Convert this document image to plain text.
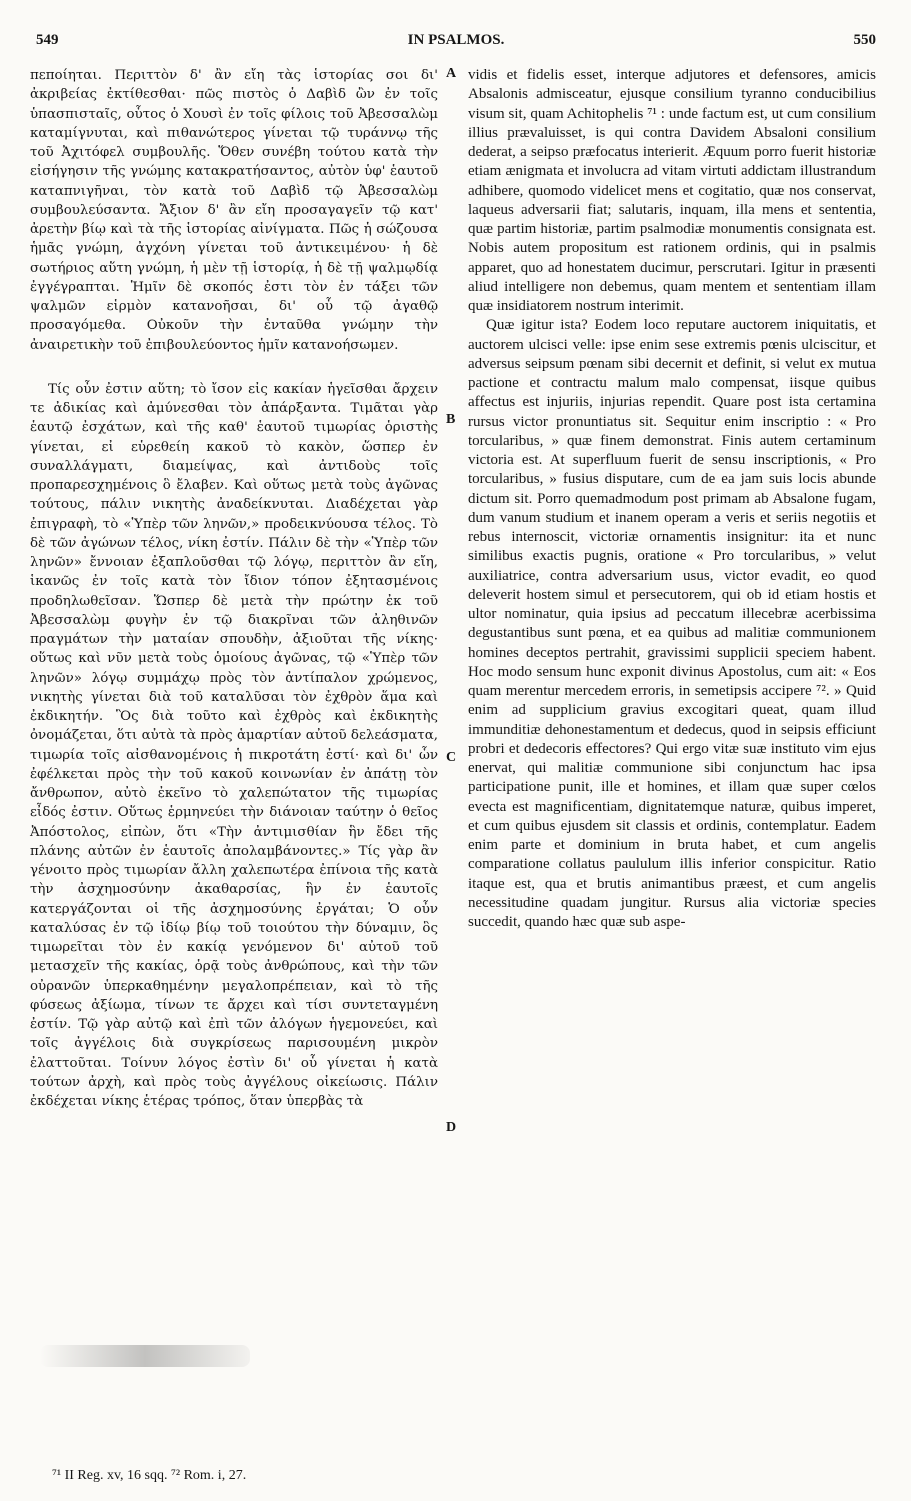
549	IN PSALMOS.	550

πεποίηται. Περιττὸν δ' ἂν εἴη τὰς ἱστορίας σοι δι' ἀκριβείας ἐκτίθεσθαι· πῶς πιστὸς ὁ Δαβὶδ ὢν ἐν τοῖς ὑπασπισταῖς, οὗτος ὁ Χουσὶ ἐν τοῖς φίλοις τοῦ Ἀβεσσαλὼμ καταμίγνυται, καὶ πιθανώτερος γίνεται τῷ τυράννῳ τῆς τοῦ Ἀχιτόφελ συμβουλῆς. Ὅθεν συνέβη τούτου κατὰ τὴν εἰσήγησιν τῆς γνώμης κατακρατήσαντος, αὐτὸν ὑφ' ἑαυτοῦ καταπνιγῆναι, τὸν κατὰ τοῦ Δαβὶδ τῷ Ἀβεσσαλὼμ συμβουλεύσαντα. Ἄξιον δ' ἂν εἴη προσαγαγεῖν τῷ κατ' ἀρετὴν βίῳ καὶ τὰ τῆς ἱστορίας αἰνίγματα. Πῶς ἡ σώζουσα ἡμᾶς γνώμη, ἀγχόνη γίνεται τοῦ ἀντικειμένου· ἡ δὲ σωτήριος αὕτη γνώμη, ἡ μὲν τῇ ἱστορίᾳ, ἡ δὲ τῇ ψαλμῳδίᾳ ἐγγέγραπται. Ἡμῖν δὲ σκοπός ἐστι τὸν ἐν τάξει τῶν ψαλμῶν εἱρμὸν κατανοῆσαι, δι' οὗ τῷ ἀγαθῷ προσαγόμεθα. Οὐκοῦν τὴν ἐνταῦθα γνώμην τὴν ἀναιρετικὴν τοῦ ἐπιβουλεύοντος ἡμῖν κατανοήσωμεν.

Τίς οὖν ἐστιν αὕτη; τὸ ἴσον εἰς κακίαν ἡγεῖσθαι ἄρχειν τε ἀδικίας καὶ ἀμύνεσθαι τὸν ἀπάρξαντα. Τιμᾶται γὰρ ἑαυτῷ ἐσχάτων, καὶ τῆς καθ' ἑαυτοῦ τιμωρίας ὁριστὴς γίνεται, εἰ εὑρεθείη κακοῦ τὸ κακὸν, ὥσπερ ἐν συναλλάγματι, διαμείψας, καὶ ἀντιδοὺς τοῖς προπαρεσχημένοις ὃ ἔλαβεν. Καὶ οὕτως μετὰ τοὺς ἀγῶνας τούτους, πάλιν νικητὴς ἀναδείκνυται. Διαδέχεται γὰρ ἐπιγραφὴ, τὸ «Ὑπὲρ τῶν ληνῶν,» προδεικνύουσα τέλος. Τὸ δὲ τῶν ἀγώνων τέλος, νίκη ἐστίν. Πάλιν δὲ τὴν «Ὑπὲρ τῶν ληνῶν» ἔννοιαν ἐξαπλοῦσθαι τῷ λόγῳ, περιττὸν ἂν εἴη, ἱκανῶς ἐν τοῖς κατὰ τὸν ἴδιον τόπον ἐξητασμένοις προδηλωθεῖσαν. Ὥσπερ δὲ μετὰ τὴν πρώτην ἐκ τοῦ Ἀβεσσαλὼμ φυγὴν ἐν τῷ διακρῖναι τῶν ἀληθινῶν πραγμάτων τὴν ματαίαν σπουδὴν, ἀξιοῦται τῆς νίκης· οὕτως καὶ νῦν μετὰ τοὺς ὁμοίους ἀγῶνας, τῷ «Ὑπὲρ τῶν ληνῶν» λόγῳ συμμάχῳ πρὸς τὸν ἀντίπαλον χρώμενος, νικητὴς γίνεται διὰ τοῦ καταλῦσαι τὸν ἐχθρὸν ἅμα καὶ ἐκδικητήν. Ὃς διὰ τοῦτο καὶ ἐχθρὸς καὶ ἐκδικητὴς ὀνομάζεται, ὅτι αὐτὰ τὰ πρὸς ἁμαρτίαν αὐτοῦ δελεάσματα, τιμωρία τοῖς αἰσθανομένοις ἡ πικροτάτη ἐστί· καὶ δι' ὧν ἐφέλκεται πρὸς τὴν τοῦ κακοῦ κοινωνίαν ἐν ἀπάτῃ τὸν ἄνθρωπον, αὐτὸ ἐκεῖνο τὸ χαλεπώτατον τῆς τιμωρίας εἶδός ἐστιν. Οὕτως ἑρμηνεύει τὴν διάνοιαν ταύτην ὁ θεῖος Ἀπόστολος, εἰπὼν, ὅτι «Τὴν ἀντιμισθίαν ἣν ἔδει τῆς πλάνης αὐτῶν ἐν ἑαυτοῖς ἀπολαμβάνοντες.» Τίς γὰρ ἂν γένοιτο πρὸς τιμωρίαν ἄλλη χαλεπωτέρα ἐπίνοια τῆς κατὰ τὴν ἀσχημοσύνην ἀκαθαρσίας, ἣν ἐν ἑαυτοῖς κατεργάζονται οἱ τῆς ἀσχημοσύνης ἐργάται; Ὁ οὖν καταλύσας ἐν τῷ ἰδίῳ βίῳ τοῦ τοιούτου τὴν δύναμιν, ὃς τιμωρεῖται τὸν ἐν κακίᾳ γενόμενον δι' αὐτοῦ τοῦ μετασχεῖν τῆς κακίας, ὁρᾷ τοὺς ἀνθρώπους, καὶ τὴν τῶν οὐρανῶν ὑπερκαθημένην μεγαλοπρέπειαν, καὶ τὸ τῆς φύσεως ἀξίωμα, τίνων τε ἄρχει καὶ τίσι συντεταγμένη ἐστίν. Τῷ γὰρ αὐτῷ καὶ ἐπὶ τῶν ἀλόγων ἡγεμονεύει, καὶ τοῖς ἀγγέλοις διὰ συγκρίσεως παρισουμένη μικρὸν ἐλαττοῦται. Τοίνυν λόγος ἐστὶν δι' οὗ γίνεται ἡ κατὰ τούτων ἀρχὴ, καὶ πρὸς τοὺς ἀγγέλους οἰκείωσις. Πάλιν ἐκδέχεται νίκης ἑτέρας τρόπος, ὅταν ὑπερβὰς τὰ

vidis et fidelis esset, interque adjutores et defensores, amicis Absalonis admisceatur, ejusque consilium tyranno conducibilius visum sit, quam Achitophelis ⁷¹ : unde factum est, ut cum consilium illius prævaluisset, is qui contra Davidem Absaloni consilium dederat, a seipso præfocatus interierit. Æquum porro fuerit historiæ etiam ænigmata et involucra ad vitam virtuti addictam illustrandum adhibere, quomodo videlicet mens et cogitatio, quæ nos conservat, laqueus adversarii fiat; salutaris, inquam, illa mens et sententia, quæ partim historiæ, partim psalmodiæ monumentis consignata est. Nobis autem propositum est rationem ordinis, qui in psalmis apparet, quo ad honestatem ducimur, perscrutari. Igitur in præsenti aliud intelligere non debemus, quam mentem et sententiam illam quæ insidiatorem nostrum interimit.

Quæ igitur ista? Eodem loco reputare auctorem iniquitatis, et auctorem ulcisci velle: ipse enim sese extremis pœnis ulciscitur, et adversus seipsum pœnam sibi decernit et definit, si velut ex mutua pactione et contractu malum malo compensat, iisque quibus affectus est injuriis, injurias rependit. Quare post ista certamina rursus victor pronuntiatus sit. Sequitur enim inscriptio : « Pro torcularibus, » quæ finem demonstrat. Finis autem certaminum victoria est. At superfluum fuerit de sensu inscriptionis, « Pro torcularibus, » fusius disputare, cum de ea jam suis locis abunde dictum sit. Porro quemadmodum post primam ab Absalone fugam, dum vanum studium et inanem operam a veris et seriis negotiis et rebus internoscit, victoriæ ornamentis insignitur: ita et nunc similibus exactis pugnis, oratione « Pro torcularibus, » velut auxiliatrice, contra adversarium usus, victor evadit, eo quod deleverit hostem simul et persecutorem, qui ob id etiam hostis et ultor nominatur, quia ipsius ad peccatum illecebræ acerbissima degustantibus sunt pœna, et ea quibus ad malitiæ communionem homines deceptos pertrahit, gravissimi supplicii speciem habent. Hoc modo sensum hunc exponit divinus Apostolus, cum ait: « Eos quam merentur mercedem erroris, in semetipsis accipere ⁷². » Quid enim ad supplicium gravius excogitari queat, quam illud immunditiæ dehonestamentum et dedecus, quod in seipsis efficiunt probri et dedecoris effectores? Qui ergo vitæ suæ instituto vim ejus enervat, qui malitiæ communione sibi conjunctum hac ipsa participatione punit, ille et homines, et illam quæ super cœlos evecta est magnificentiam, dignitatemque naturæ, quibus imperet, et cum quibus ejusdem sit classis et ordinis, contemplatur. Eadem enim parte et dominium in bruta habet, et cum angelis comparatione collatus paululum illis inferior conspicitur. Ratio itaque est, qua et brutis animantibus præest, et cum angelis necessitudine quadam jungitur. Rursus alia victoriæ species succedit, quando hæc quæ sub aspe-

A
B
C
D
⁷¹ II Reg. xv, 16 sqq. ⁷² Rom. i, 27.
